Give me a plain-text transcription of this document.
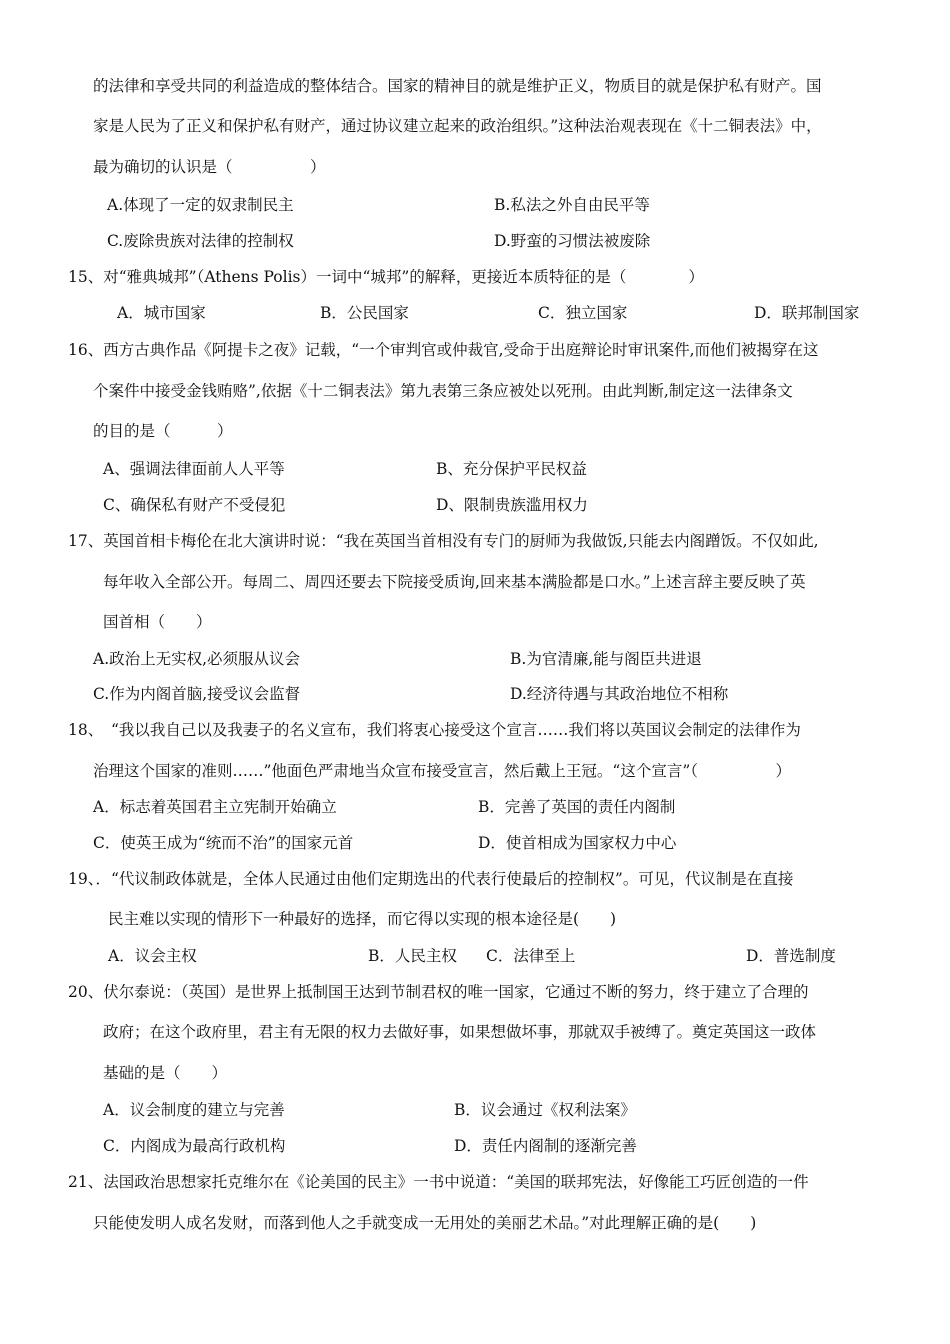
的法律和享受共同的利益造成的整体结合。国家的精神目的就是维护正义，物质目的就是保护私有财产。国
家是人民为了正义和保护私有财产，通过协议建立起来的政治组织。”这种法治观表现在《十二铜表法》中，
最为确切的认识是（　　　　　）
A.体现了一定的奴隶制民主	B.私法之外自由民平等
C.废除贵族对法律的控制权	D.野蛮的习惯法被废除
15、对“雅典城邦”（Athens Polis）一词中“城邦”的解释，更接近本质特征的是（　　　　）
A．城市国家	B．公民国家	C．独立国家	D．联邦制国家
16、西方古典作品《阿提卡之夜》记载，“一个审判官或仲裁官,受命于出庭辩论时审讯案件,而他们被揭穿在这
个案件中接受金钱贿赂”,依据《十二铜表法》第九表第三条应被处以死刑。由此判断,制定这一法律条文
的目的是（　　　）
A、强调法律面前人人平等	B、充分保护平民权益
C、确保私有财产不受侵犯	D、限制贵族滥用权力
17、英国首相卡梅伦在北大演讲时说：“我在英国当首相没有专门的厨师为我做饭,只能去内阁蹭饭。不仅如此,
每年收入全部公开。每周二、周四还要去下院接受质询,回来基本满脸都是口水。”上述言辞主要反映了英
国首相（　　）
A.政治上无实权,必须服从议会	B.为官清廉,能与阁臣共进退
C.作为内阁首脑,接受议会监督	D.经济待遇与其政治地位不相称
18、　“我以我自己以及我妻子的名义宣布，我们将衷心接受这个宣言……我们将以英国议会制定的法律作为
治理这个国家的准则……”他面色严肃地当众宣布接受宣言，然后戴上王冠。“这个宣言”（　　　　　）
A．标志着英国君主立宪制开始确立	B．完善了英国的责任内阁制
C．使英王成为“统而不治”的国家元首	D．使首相成为国家权力中心
19、．“代议制政体就是，全体人民通过由他们定期选出的代表行使最后的控制权”。可见，代议制是在直接
民主难以实现的情形下一种最好的选择，而它得以实现的根本途径是(　　)
A．议会主权	B．人民主权 C．法律至上	D．普选制度
20、伏尔泰说：（英国）是世界上抵制国王达到节制君权的唯一国家，它通过不断的努力，终于建立了合理的
政府；在这个政府里，君主有无限的权力去做好事，如果想做坏事，那就双手被缚了。奠定英国这一政体
基础的是（　　）
A．议会制度的建立与完善	B．议会通过《权利法案》
C．内阁成为最高行政机构	D．责任内阁制的逐渐完善
21、法国政治思想家托克维尔在《论美国的民主》一书中说道：“美国的联邦宪法，好像能工巧匠创造的一件
只能使发明人成名发财，而落到他人之手就变成一无用处的美丽艺术品。”对此理解正确的是(　　)
